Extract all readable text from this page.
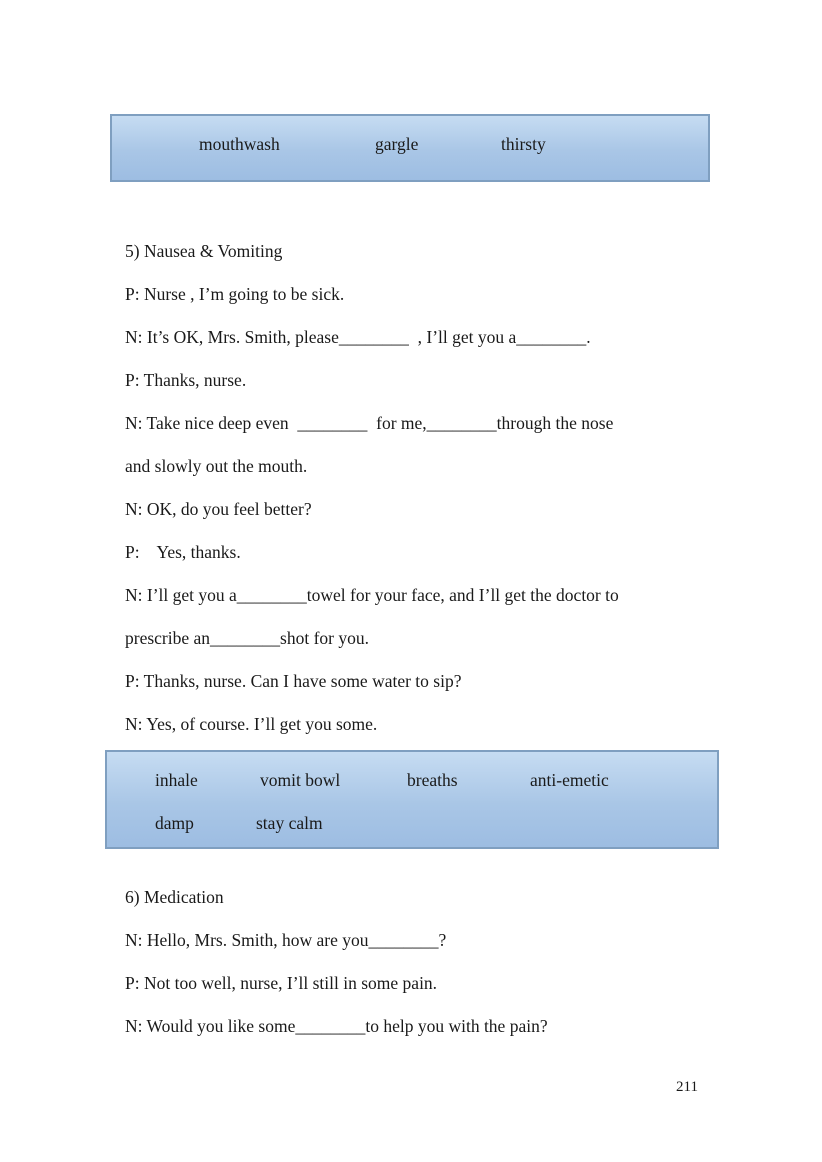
mouthwash	gargle	thirsty
5) Nausea & Vomiting
P: Nurse , I’m going to be sick.
N: It’s OK, Mrs. Smith, please________  , I’ll get you a________.
P: Thanks, nurse.
N: Take nice deep even  ________  for me,________through the nose
and slowly out the mouth.
N: OK, do you feel better?
P:    Yes, thanks.
N: I’ll get you a________towel for your face, and I’ll get the doctor to
prescribe an________shot for you.
P: Thanks, nurse. Can I have some water to sip?
N: Yes, of course. I’ll get you some.
inhale	vomit bowl	breaths	anti-emetic
damp	stay calm
6) Medication
N: Hello, Mrs. Smith, how are you________?
P: Not too well, nurse, I’ll still in some pain.
N: Would you like some________to help you with the pain?
211
